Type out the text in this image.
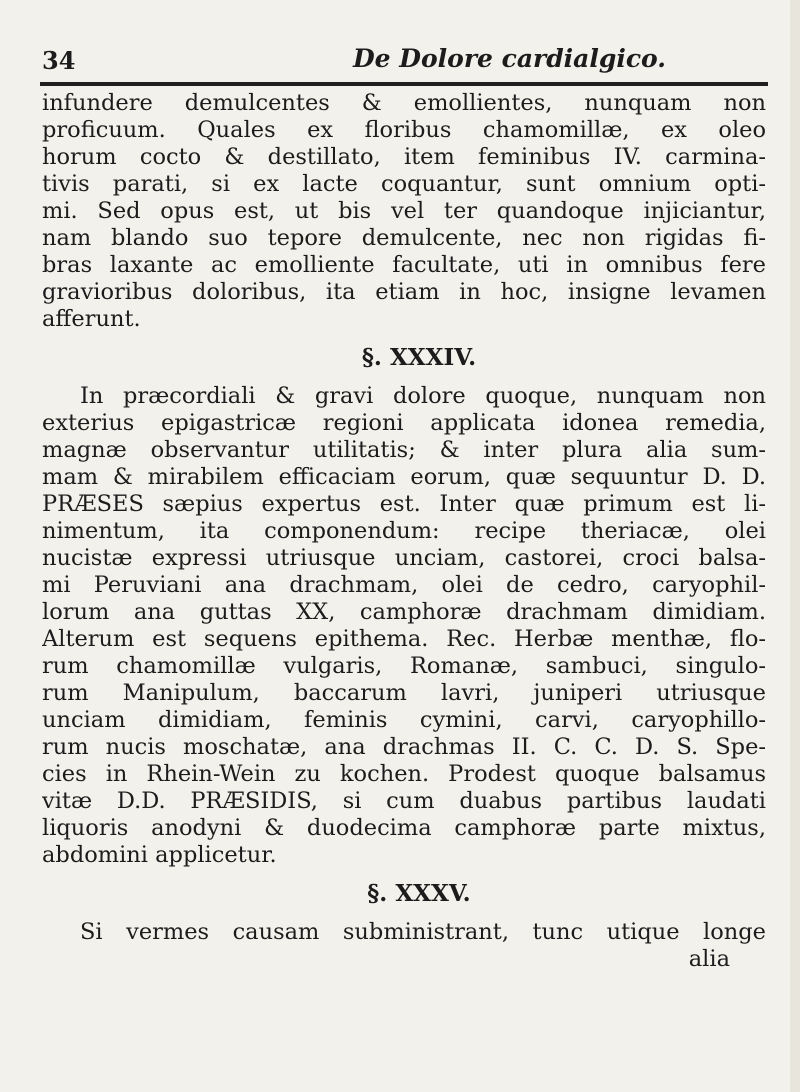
34	De Dolore cardialgico.
infundere demulcentes & emollientes, nunquam non
proficuum. Quales ex floribus chamomillæ, ex oleo
horum cocto & destillato, item feminibus IV. carmina-
tivis parati, si ex lacte coquantur, sunt omnium opti-
mi. Sed opus est, ut bis vel ter quandoque injiciantur,
nam blando suo tepore demulcente, nec non rigidas fi-
bras laxante ac emolliente facultate, uti in omnibus fere
gravioribus doloribus, ita etiam in hoc, insigne levamen
afferunt.
§. XXXIV.
In præcordiali & gravi dolore quoque, nunquam non
exterius epigastricæ regioni applicata idonea remedia,
magnæ observantur utilitatis; & inter plura alia sum-
mam & mirabilem efficaciam eorum, quæ sequuntur D. D.
PRÆSES sæpius expertus est. Inter quæ primum est li-
nimentum, ita componendum: recipe theriacæ, olei
nucistæ expressi utriusque unciam, castorei, croci balsa-
mi Peruviani ana drachmam, olei de cedro, caryophil-
lorum ana guttas XX, camphoræ drachmam dimidiam.
Alterum est sequens epithema. Rec. Herbæ menthæ, flo-
rum chamomillæ vulgaris, Romanæ, sambuci, singulo-
rum Manipulum, baccarum lavri, juniperi utriusque
unciam dimidiam, feminis cymini, carvi, caryophillo-
rum nucis moschatæ, ana drachmas II. C. C. D. S. Spe-
cies in Rhein-Wein zu kochen. Prodest quoque balsamus
vitæ D.D. PRÆSIDIS, si cum duabus partibus laudati
liquoris anodyni & duodecima camphoræ parte mixtus,
abdomini applicetur.
§. XXXV.
Si vermes causam subministrant, tunc utique longe
alia
